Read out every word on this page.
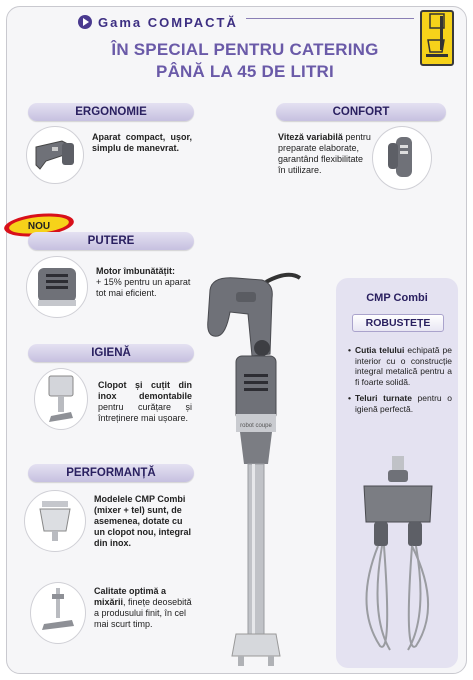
Gama COMPACTĂ
ÎN SPECIAL PENTRU CATERING
PÂNĂ LA 45 DE LITRI
ERGONOMIE
Aparat compact, ușor, simplu de manevrat.
CONFORT
Viteză variabilă pentru preparate elaborate, garantând flexibilitate în utilizare.
NOU
PUTERE
Motor îmbunătățit:
+ 15% pentru un aparat tot mai eficient.
IGIENĂ
Clopot și cuțit din inox demontabile pentru curățare și întreținere mai ușoare.
PERFORMANȚĂ
Modelele CMP Combi (mixer + tel) sunt, de asemenea, dotate cu un clopot nou, integral din inox.
Calitate optimă a mixării, finețe deosebită a produsului finit, în cel mai scurt timp.
robot coupe
CMP Combi
ROBUSTEȚE
• Cutia telului echipată pe interior cu o construcție integral metalică pentru a fi foarte solidă.
• Teluri turnate pentru o igienă perfectă.
